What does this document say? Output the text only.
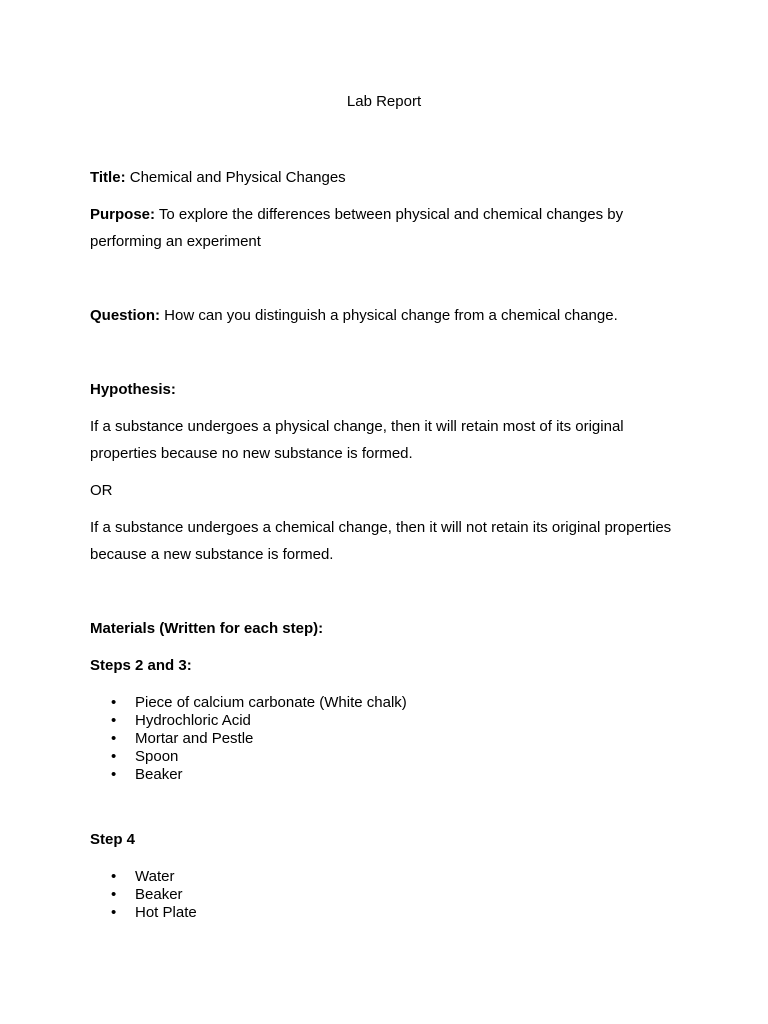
Lab Report

Title: Chemical and Physical Changes

Purpose: To explore the differences between physical and chemical changes by performing an experiment

Question: How can you distinguish a physical change from a chemical change.

Hypothesis:

If a substance undergoes a physical change, then it will retain most of its original properties because no new substance is formed.

OR

If a substance undergoes a chemical change, then it will not retain its original properties because a new substance is formed.

Materials (Written for each step):

Steps 2 and 3:

• Piece of calcium carbonate (White chalk)
• Hydrochloric Acid
• Mortar and Pestle
• Spoon
• Beaker

Step 4

• Water
• Beaker
• Hot Plate
